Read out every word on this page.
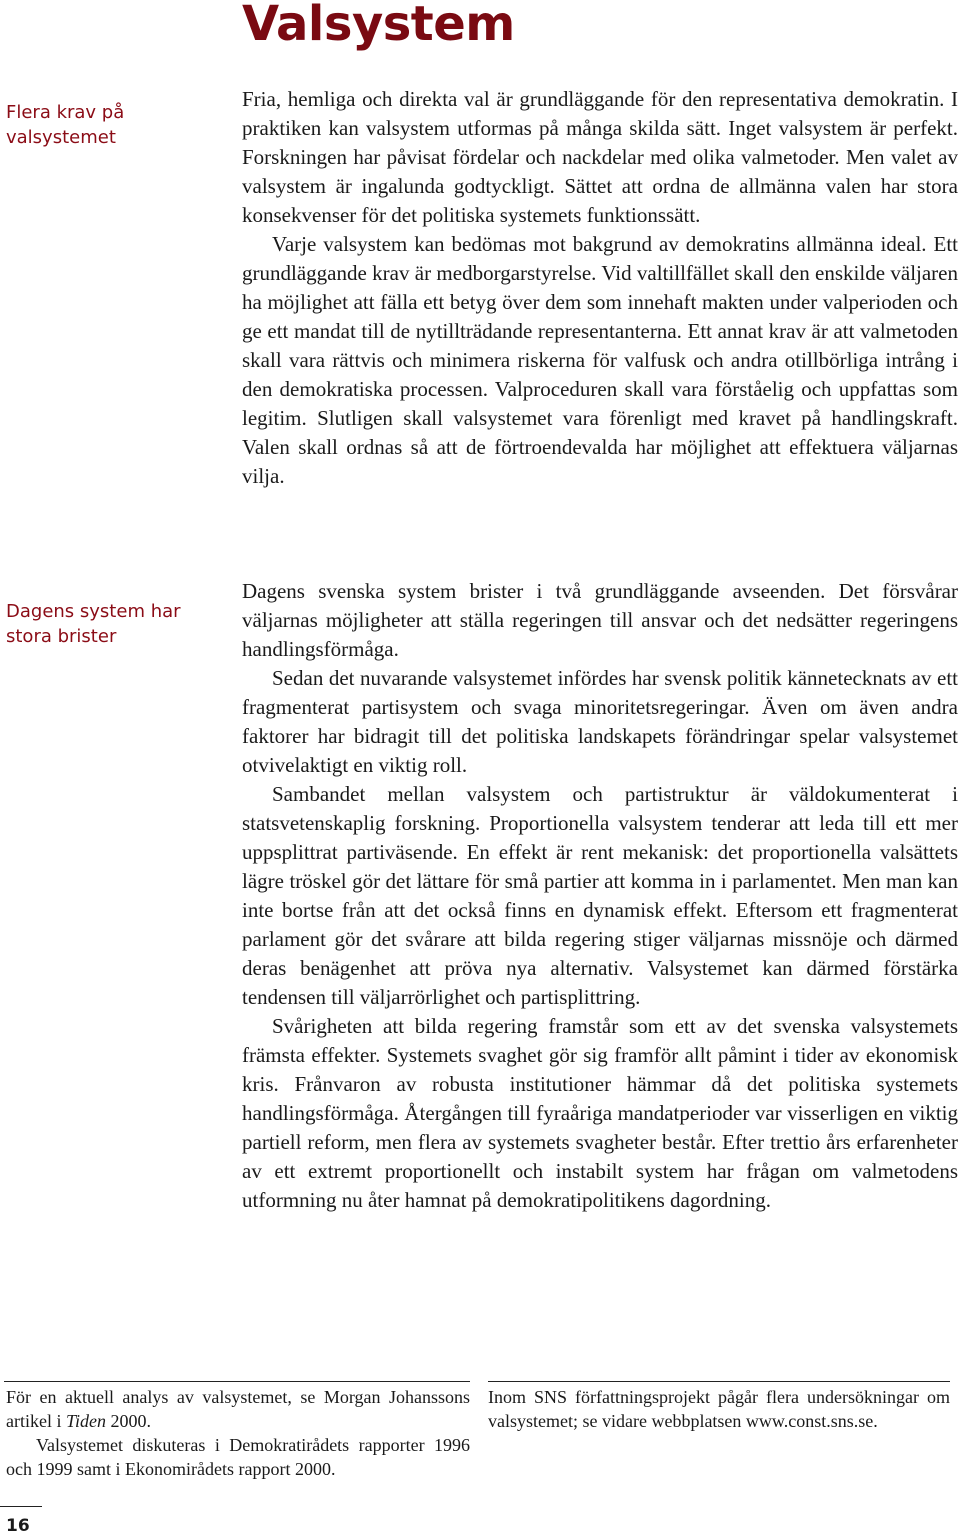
Valsystem
Flera krav på valsystemet
Dagens system har stora brister

Fria, hemliga och direkta val är grundläggande för den representativa demokratin. I praktiken kan valsystem utformas på många skilda sätt. Inget valsystem är perfekt. Forskningen har påvisat fördelar och nackdelar med olika valmetoder. Men valet av valsystem är ingalunda godtyckligt. Sättet att ordna de allmänna valen har stora konsekvenser för det politiska systemets funktionssätt.

Varje valsystem kan bedömas mot bakgrund av demokratins allmänna ideal. Ett grundläggande krav är medborgarstyrelse. Vid valtillfället skall den enskilde väljaren ha möjlighet att fälla ett betyg över dem som innehaft makten under valperioden och ge ett mandat till de nytillträdande representanterna. Ett annat krav är att valmetoden skall vara rättvis och minimera riskerna för valfusk och andra otillbörliga intrång i den demokratiska processen. Valproceduren skall vara förståelig och uppfattas som legitim. Slutligen skall valsystemet vara förenligt med kravet på handlingskraft. Valen skall ordnas så att de förtroendevalda har möjlighet att effektuera väljarnas vilja.

Dagens svenska system brister i två grundläggande avseenden. Det försvårar väljarnas möjligheter att ställa regeringen till ansvar och det nedsätter regeringens handlingsförmåga.

Sedan det nuvarande valsystemet infördes har svensk politik kännetecknats av ett fragmenterat partisystem och svaga minoritetsregeringar. Även om även andra faktorer har bidragit till det politiska landskapets förändringar spelar valsystemet otvivelaktigt en viktig roll.

Sambandet mellan valsystem och partistruktur är väldokumenterat i statsvetenskaplig forskning. Proportionella valsystem tenderar att leda till ett mer uppsplittrat partiväsende. En effekt är rent mekanisk: det proportionella valsättets lägre tröskel gör det lättare för små partier att komma in i parlamentet. Men man kan inte bortse från att det också finns en dynamisk effekt. Eftersom ett fragmenterat parlament gör det svårare att bilda regering stiger väljarnas missnöje och därmed deras benägenhet att pröva nya alternativ. Valsystemet kan därmed förstärka tendensen till väljarrörlighet och partisplittring.

Svårigheten att bilda regering framstår som ett av det svenska valsystemets främsta effekter. Systemets svaghet gör sig framför allt påmint i tider av ekonomisk kris. Frånvaron av robusta institutioner hämmar då det politiska systemets handlingsförmåga. Återgången till fyraåriga mandatperioder var visserligen en viktig partiell reform, men flera av systemets svagheter består. Efter trettio års erfarenheter av ett extremt proportionellt och instabilt system har frågan om valmetodens utformning nu åter hamnat på demokratipolitikens dagordning.

För en aktuell analys av valsystemet, se Morgan Johanssons artikel i Tiden 2000.

Valsystemet diskuteras i Demokratirådets rapporter 1996 och 1999 samt i Ekonomirådets rapport 2000.

Inom SNS författningsprojekt pågår flera undersökningar om valsystemet; se vidare webbplatsen www.const.sns.se.

16
